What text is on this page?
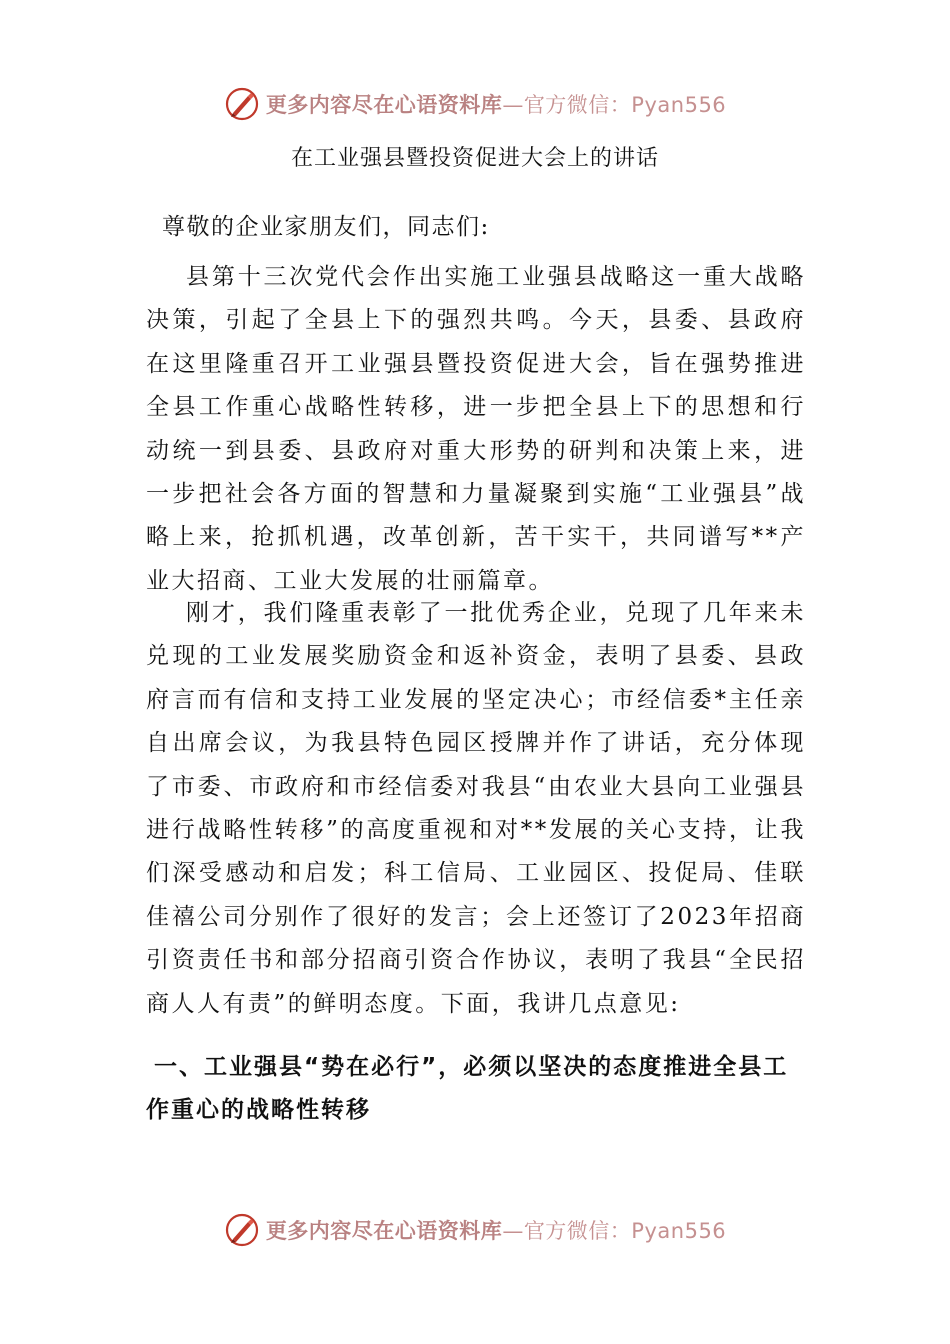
更多内容尽在心语资料库—官方微信：Pyan556
在工业强县暨投资促进大会上的讲话
尊敬的企业家朋友们，同志们:

县第十三次党代会作出实施工业强县战略这一重大战略决策，引起了全县上下的强烈共鸣。今天，县委、县政府在这里隆重召开工业强县暨投资促进大会，旨在强势推进全县工作重心战略性转移，进一步把全县上下的思想和行动统一到县委、县政府对重大形势的研判和决策上来，进一步把社会各方面的智慧和力量凝聚到实施“工业强县”战略上来，抢抓机遇，改革创新，苦干实干，共同谱写**产业大招商、工业大发展的壮丽篇章。

刚才，我们隆重表彰了一批优秀企业，兑现了几年来未兑现的工业发展奖励资金和返补资金，表明了县委、县政府言而有信和支持工业发展的坚定决心；市经信委*主任亲自出席会议，为我县特色园区授牌并作了讲话，充分体现了市委、市政府和市经信委对我县“由农业大县向工业强县进行战略性转移”的高度重视和对**发展的关心支持，让我们深受感动和启发；科工信局、工业园区、投促局、佳联佳禧公司分别作了很好的发言；会上还签订了2023年招商引资责任书和部分招商引资合作协议，表明了我县“全民招商人人有责”的鲜明态度。下面，我讲几点意见:

一、工业强县“势在必行”，必须以坚决的态度推进全县工作重心的战略性转移

更多内容尽在心语资料库—官方微信：Pyan556
